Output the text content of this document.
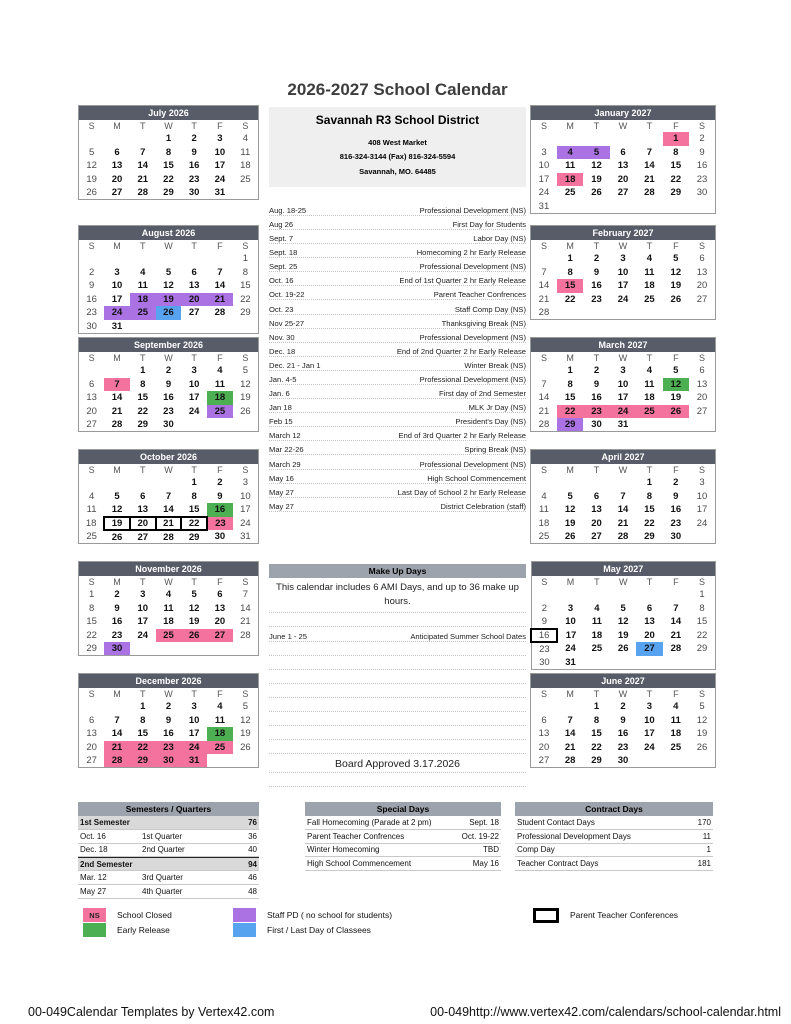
July 2026						
S	M	T	W	T	F	S
			1	2	3	4
5	6	7	8	9	10	11
12	13	14	15	16	17	18
19	20	21	22	23	24	25
26	27	28	29	30	31	
August 2026						
S	M	T	W	T	F	S
						1
2	3	4	5	6	7	8
9	10	11	12	13	14	15
16	17	18	19	20	21	22
23	24	25	26	27	28	29
30	31					
September 2026						
S	M	T	W	T	F	S
		1	2	3	4	5
6	7	8	9	10	11	12
13	14	15	16	17	18	19
20	21	22	23	24	25	26
27	28	29	30			
October 2026						
S	M	T	W	T	F	S
				1	2	3
4	5	6	7	8	9	10
11	12	13	14	15	16	17
18	19	20	21	22	23	24
25	26	27	28	29	30	31
November 2026						
S	M	T	W	T	F	S
1	2	3	4	5	6	7
8	9	10	11	12	13	14
15	16	17	18	19	20	21
22	23	24	25	26	27	28
29	30					
December 2026						
S	M	T	W	T	F	S
		1	2	3	4	5
6	7	8	9	10	11	12
13	14	15	16	17	18	19
20	21	22	23	24	25	26
27	28	29	30	31		
2026-2027 School Calendar
Savannah R3 School District
408 West Market
816-324-3144 (Fax) 816-324-5594
Savannah, MO. 64485
Aug. 18-25	Professional Development (NS)
Aug 26	First Day for Students
Sept. 7	Labor Day (NS)
Sept. 18	Homecoming 2 hr Early Release
Sept. 25	Professional Development (NS)
Oct. 16	End of 1st Quarter 2 hr Early Release
Oct. 19-22	Parent Teacher Confrences
Oct. 23	Staff Comp Day (NS)
Nov 25-27	Thanksgiving Break (NS)
Nov. 30	Professional Development (NS)
Dec. 18	End of 2nd Quarter 2 hr Early Release
Dec. 21 - Jan 1	Winter Break (NS)
Jan. 4-5	Professional Development (NS)
Jan. 6	First day of 2nd Semester
Jan 18	MLK Jr Day (NS)
Feb 15	President's Day (NS)
March 12	End of 3rd Quarter 2 hr Early Release
Mar 22-26	Spring Break (NS)
March 29	Professional Development (NS)
May 16	High School Commencement
May 27	Last Day of School 2 hr Early Release
May 27	District Celebration (staff)
Make Up Days
This calendar includes 6 AMI Days, and up to 36 make up hours.
June 1 - 25	Anticipated Summer School Dates
Board Approved 3.17.2026
January 2027						
S	M	T	W	T	F	S
					1	2
3	4	5	6	7	8	9
10	11	12	13	14	15	16
17	18	19	20	21	22	23
24	25	26	27	28	29	30
31						
February 2027						
S	M	T	W	T	F	S
	1	2	3	4	5	6
7	8	9	10	11	12	13
14	15	16	17	18	19	20
21	22	23	24	25	26	27
28						
March 2027						
S	M	T	W	T	F	S
	1	2	3	4	5	6
7	8	9	10	11	12	13
14	15	16	17	18	19	20
21	22	23	24	25	26	27
28	29	30	31			
April 2027						
S	M	T	W	T	F	S
				1	2	3
4	5	6	7	8	9	10
11	12	13	14	15	16	17
18	19	20	21	22	23	24
25	26	27	28	29	30	
May 2027						
S	M	T	W	T	F	S
						1
2	3	4	5	6	7	8
9	10	11	12	13	14	15
16	17	18	19	20	21	22
23	24	25	26	27	28	29
30	31					
June 2027						
S	M	T	W	T	F	S
		1	2	3	4	5
6	7	8	9	10	11	12
13	14	15	16	17	18	19
20	21	22	23	24	25	26
27	28	29	30			
Semesters / Quarters
1st Semester	76
Oct. 16	1st Quarter	36
Dec. 18	2nd Quarter	40
2nd Semester	94
Mar. 12	3rd Quarter	46
May 27	4th Quarter	48
Special Days
Fall Homecoming (Parade at 2 pm)	Sept. 18
Parent Teacher Confrences	Oct. 19-22
Winter Homecoming	TBD
High School Commencement	May 16
Contract Days
Student Contact Days	170
Professional Development Days	11
Comp Day	1
Teacher Contract Days	181
NS	School Closed
Early Release
Staff PD ( no school for students)
First / Last Day of Classees
Parent Teacher Conferences
00-049Calendar Templates by Vertex42.com	00-049http://www.vertex42.com/calendars/school-calendar.html
